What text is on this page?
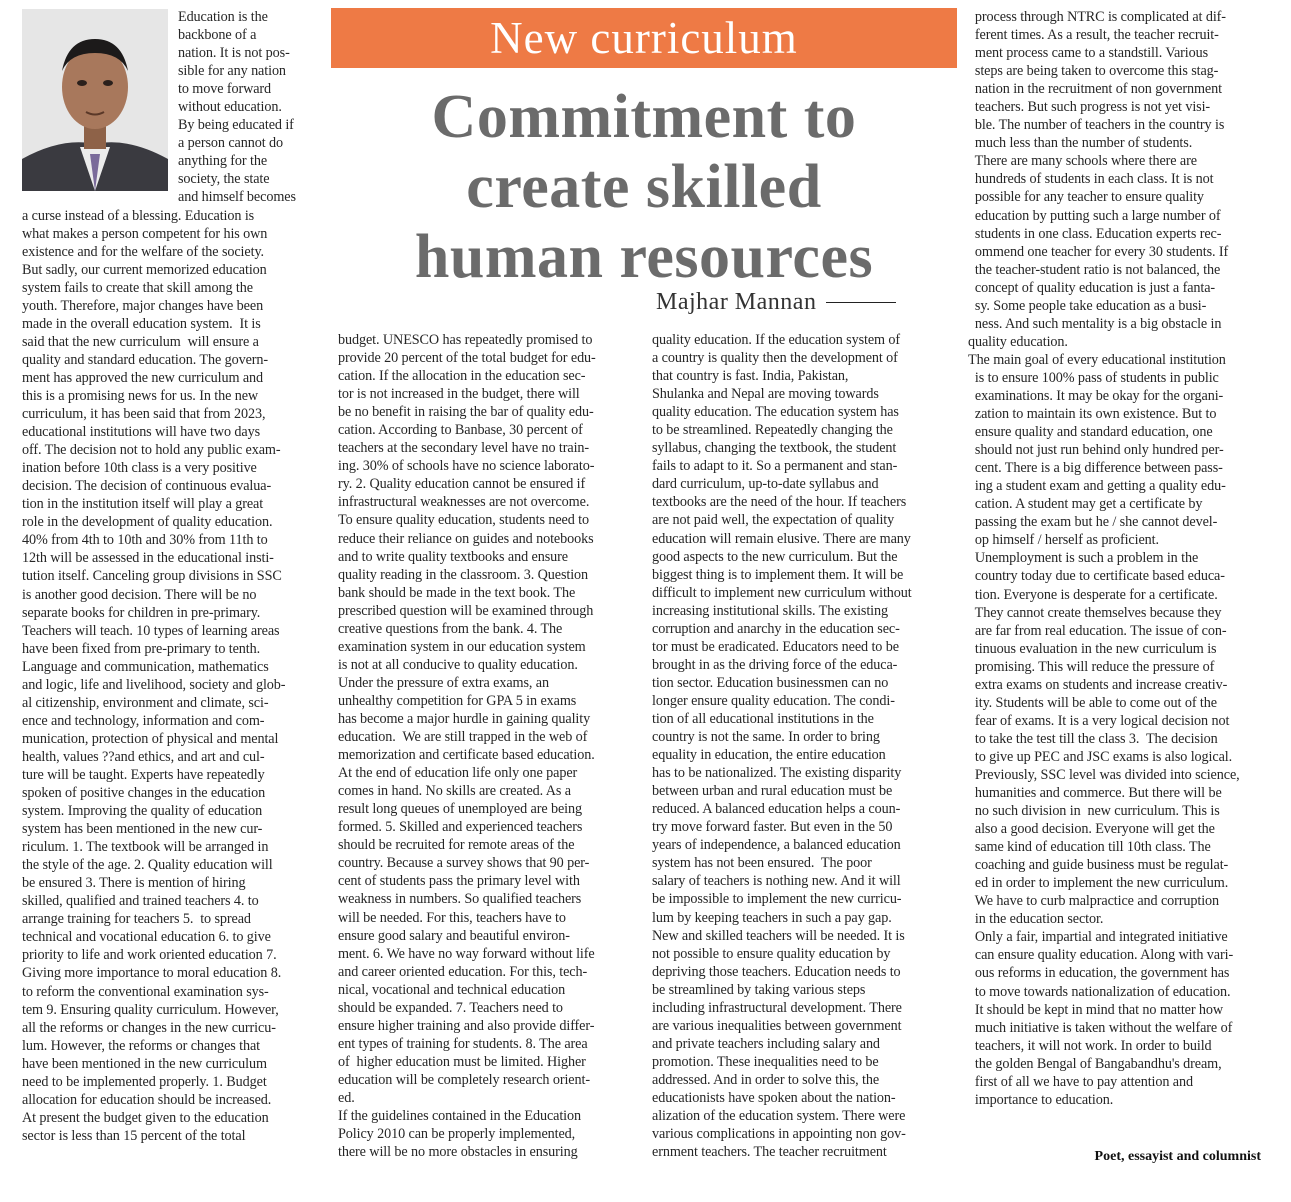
New curriculum
Commitment to
create skilled
human resources
Majhar Mannan
Education is the
backbone of a
nation. It is not pos-
sible for any nation
to move forward
without education.
By being educated if
a person cannot do
anything for the
society, the state
and himself becomes
a curse instead of a blessing. Education is
what makes a person competent for his own
existence and for the welfare of the society.
But sadly, our current memorized education
system fails to create that skill among the
youth. Therefore, major changes have been
made in the overall education system.  It is
said that the new curriculum  will ensure a
quality and standard education. The govern-
ment has approved the new curriculum and
this is a promising news for us. In the new
curriculum, it has been said that from 2023,
educational institutions will have two days
off. The decision not to hold any public exam-
ination before 10th class is a very positive
decision. The decision of continuous evalua-
tion in the institution itself will play a great
role in the development of quality education.
40% from 4th to 10th and 30% from 11th to
12th will be assessed in the educational insti-
tution itself. Canceling group divisions in SSC
is another good decision. There will be no
separate books for children in pre-primary.
Teachers will teach. 10 types of learning areas
have been fixed from pre-primary to tenth.
Language and communication, mathematics
and logic, life and livelihood, society and glob-
al citizenship, environment and climate, sci-
ence and technology, information and com-
munication, protection of physical and mental
health, values ??and ethics, and art and cul-
ture will be taught. Experts have repeatedly
spoken of positive changes in the education
system. Improving the quality of education
system has been mentioned in the new cur-
riculum. 1. The textbook will be arranged in
the style of the age. 2. Quality education will
be ensured 3. There is mention of hiring
skilled, qualified and trained teachers 4. to
arrange training for teachers 5.  to spread
technical and vocational education 6. to give
priority to life and work oriented education 7.
Giving more importance to moral education 8.
to reform the conventional examination sys-
tem 9. Ensuring quality curriculum. However,
all the reforms or changes in the new curricu-
lum. However, the reforms or changes that
have been mentioned in the new curriculum
need to be implemented properly. 1. Budget
allocation for education should be increased.
At present the budget given to the education
sector is less than 15 percent of the total
budget. UNESCO has repeatedly promised to
provide 20 percent of the total budget for edu-
cation. If the allocation in the education sec-
tor is not increased in the budget, there will
be no benefit in raising the bar of quality edu-
cation. According to Banbase, 30 percent of
teachers at the secondary level have no train-
ing. 30% of schools have no science laborato-
ry. 2. Quality education cannot be ensured if
infrastructural weaknesses are not overcome.
To ensure quality education, students need to
reduce their reliance on guides and notebooks
and to write quality textbooks and ensure
quality reading in the classroom. 3. Question
bank should be made in the text book. The
prescribed question will be examined through
creative questions from the bank. 4. The
examination system in our education system
is not at all conducive to quality education.
Under the pressure of extra exams, an
unhealthy competition for GPA 5 in exams
has become a major hurdle in gaining quality
education.  We are still trapped in the web of
memorization and certificate based education.
At the end of education life only one paper
comes in hand. No skills are created. As a
result long queues of unemployed are being
formed. 5. Skilled and experienced teachers
should be recruited for remote areas of the
country. Because a survey shows that 90 per-
cent of students pass the primary level with
weakness in numbers. So qualified teachers
will be needed. For this, teachers have to
ensure good salary and beautiful environ-
ment. 6. We have no way forward without life
and career oriented education. For this, tech-
nical, vocational and technical education
should be expanded. 7. Teachers need to
ensure higher training and also provide differ-
ent types of training for students. 8. The area
of  higher education must be limited. Higher
education will be completely research orient-
ed.
If the guidelines contained in the Education
Policy 2010 can be properly implemented,
there will be no more obstacles in ensuring
quality education. If the education system of
a country is quality then the development of
that country is fast. India, Pakistan,
Shulanka and Nepal are moving towards
quality education. The education system has
to be streamlined. Repeatedly changing the
syllabus, changing the textbook, the student
fails to adapt to it. So a permanent and stan-
dard curriculum, up-to-date syllabus and
textbooks are the need of the hour. If teachers
are not paid well, the expectation of quality
education will remain elusive. There are many
good aspects to the new curriculum. But the
biggest thing is to implement them. It will be
difficult to implement new curriculum without
increasing institutional skills. The existing
corruption and anarchy in the education sec-
tor must be eradicated. Educators need to be
brought in as the driving force of the educa-
tion sector. Education businessmen can no
longer ensure quality education. The condi-
tion of all educational institutions in the
country is not the same. In order to bring
equality in education, the entire education
has to be nationalized. The existing disparity
between urban and rural education must be
reduced. A balanced education helps a coun-
try move forward faster. But even in the 50
years of independence, a balanced education
system has not been ensured.  The poor
salary of teachers is nothing new. And it will
be impossible to implement the new curricu-
lum by keeping teachers in such a pay gap.
New and skilled teachers will be needed. It is
not possible to ensure quality education by
depriving those teachers. Education needs to
be streamlined by taking various steps
including infrastructural development. There
are various inequalities between government
and private teachers including salary and
promotion. These inequalities need to be
addressed. And in order to solve this, the
educationists have spoken about the nation-
alization of the education system. There were
various complications in appointing non gov-
ernment teachers. The teacher recruitment
process through NTRC is complicated at dif-
ferent times. As a result, the teacher recruit-
ment process came to a standstill. Various
steps are being taken to overcome this stag-
nation in the recruitment of non government
teachers. But such progress is not yet visi-
ble. The number of teachers in the country is
much less than the number of students.
There are many schools where there are
hundreds of students in each class. It is not
possible for any teacher to ensure quality
education by putting such a large number of
students in one class. Education experts rec-
ommend one teacher for every 30 students. If
the teacher-student ratio is not balanced, the
concept of quality education is just a fanta-
sy. Some people take education as a busi-
ness. And such mentality is a big obstacle in
quality education.
The main goal of every educational institution
is to ensure 100% pass of students in public
examinations. It may be okay for the organi-
zation to maintain its own existence. But to
ensure quality and standard education, one
should not just run behind only hundred per-
cent. There is a big difference between pass-
ing a student exam and getting a quality edu-
cation. A student may get a certificate by
passing the exam but he / she cannot devel-
op himself / herself as proficient.
Unemployment is such a problem in the
country today due to certificate based educa-
tion. Everyone is desperate for a certificate.
They cannot create themselves because they
are far from real education. The issue of con-
tinuous evaluation in the new curriculum is
promising. This will reduce the pressure of
extra exams on students and increase creativ-
ity. Students will be able to come out of the
fear of exams. It is a very logical decision not
to take the test till the class 3.  The decision
to give up PEC and JSC exams is also logical.
Previously, SSC level was divided into science,
humanities and commerce. But there will be
no such division in  new curriculum. This is
also a good decision. Everyone will get the
same kind of education till 10th class. The
coaching and guide business must be regulat-
ed in order to implement the new curriculum.
We have to curb malpractice and corruption
in the education sector.
Only a fair, impartial and integrated initiative
can ensure quality education. Along with vari-
ous reforms in education, the government has
to move towards nationalization of education.
It should be kept in mind that no matter how
much initiative is taken without the welfare of
teachers, it will not work. In order to build
the golden Bengal of Bangabandhu's dream,
first of all we have to pay attention and
importance to education.
Poet, essayist and columnist
